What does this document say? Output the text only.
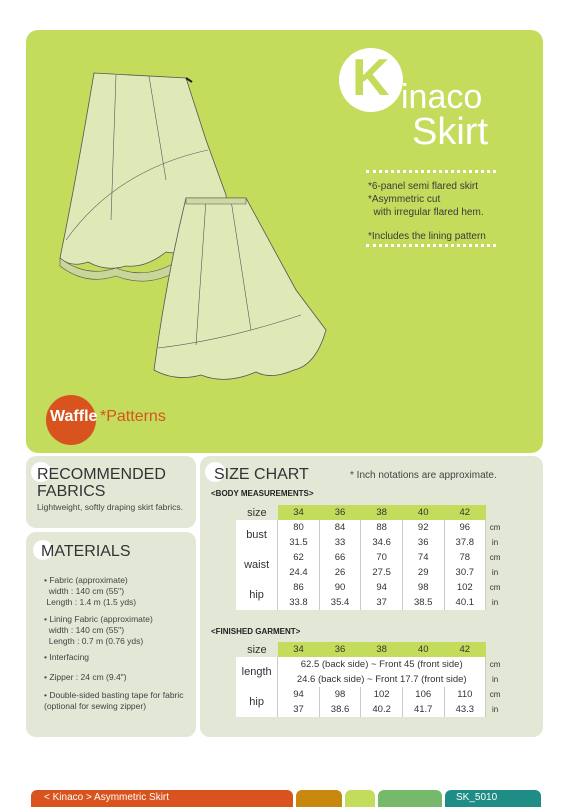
K inaco
Skirt
*6-panel semi flared skirt
*Asymmetric cut
with irregular flared hem.
*Includes the lining pattern
Waffle *Patterns
RECOMMENDED
FABRICS
Lightweight, softly draping skirt fabrics.
MATERIALS
• Fabric (approximate)
width : 140 cm (55")
Length : 1.4 m (1.5 yds)
• Lining Fabric (approximate)
width : 140 cm (55")
Length : 0.7 m (0.76 yds)
• Interfacing
• Zipper : 24 cm (9.4")
• Double-sided basting tape for fabric
(optional for sewing zipper)
SIZE CHART	* Inch notations are approximate.
<BODY MEASUREMENTS>
size	34	36	38	40	42	
bust	80	84	88	92	96	cm
	31.5	33	34.6	36	37.8	in
waist	62	66	70	74	78	cm
	24.4	26	27.5	29	30.7	in
hip	86	90	94	98	102	cm
	33.8	35.4	37	38.5	40.1	in
<FINISHED GARMENT>
size	34	36	38	40	42	
length	62.5 (back side) ~ Front 45 (front side)					cm
	24.6 (back side) ~ Front 17.7 (front side)					in
hip	94	98	102	106	110	cm
	37	38.6	40.2	41.7	43.3	in
< Kinaco > Asymmetric Skirt	SK_5010
